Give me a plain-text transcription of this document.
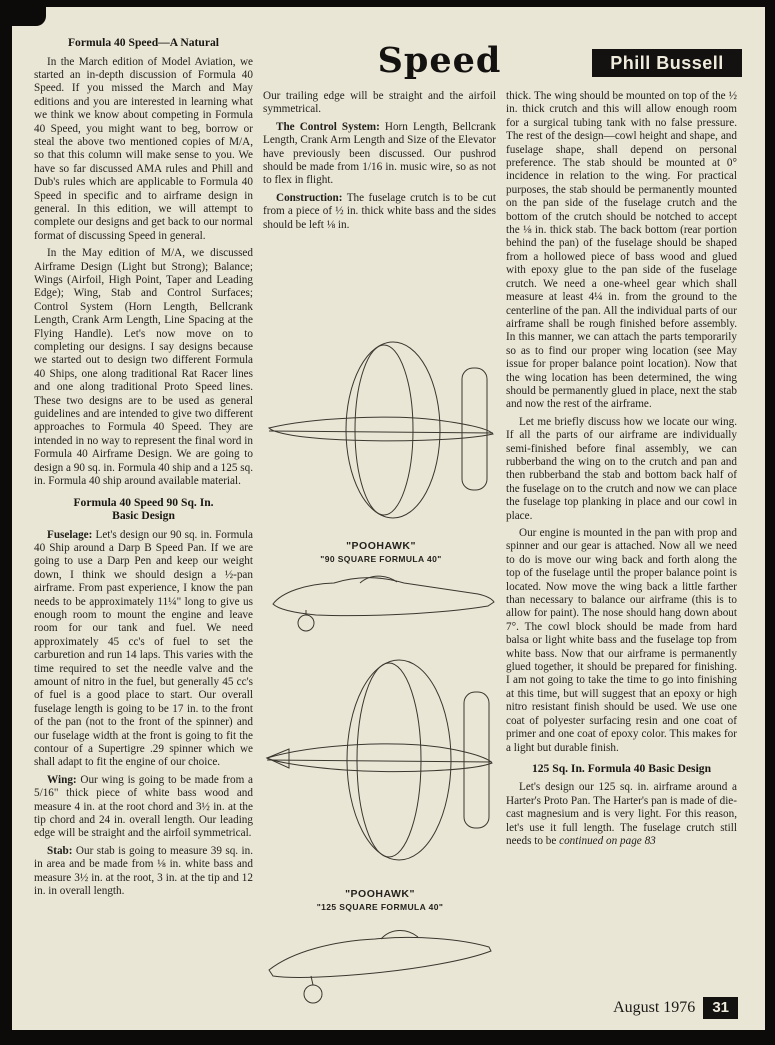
Speed	Phill Bussell
Formula 40 Speed—A Natural

In the March edition of Model Aviation, we started an in-depth discussion of Formula 40 Speed. If you missed the March and May editions and you are interested in learning what we think we know about competing in Formula 40 Speed, you might want to beg, borrow or steal the above two mentioned copies of M/A, so that this column will make sense to you. We have so far discussed AMA rules and Phill and Dub's rules which are applicable to Formula 40 Speed in specific and to airframe design in general. In this edition, we will attempt to complete our designs and get back to our normal format of discussing Speed in general.

In the May edition of M/A, we discussed Airframe Design (Light but Strong); Balance; Wings (Airfoil, High Point, Taper and Leading Edge); Wing, Stab and Control Surfaces; Control System (Horn Length, Bellcrank Length, Crank Arm Length, Line Spacing at the Flying Handle). Let's now move on to completing our designs. I say designs because we started out to design two different Formula 40 Ships, one along traditional Rat Racer lines and one along traditional Proto Speed lines. These two designs are to be used as general guidelines and are intended to give two different approaches to Formula 40 Speed. They are intended in no way to represent the final word in Formula 40 Airframe Design. We are going to design a 90 sq. in. Formula 40 ship and a 125 sq. in. Formula 40 ship around available material.

Formula 40 Speed 90 Sq. In.
Basic Design

Fuselage: Let's design our 90 sq. in. Formula 40 Ship around a Darp B Speed Pan. If we are going to use a Darp Pen and keep our weight down, I think we should design a ½-pan airframe. From past experience, I know the pan needs to be approximately 11¼" long to give us enough room to mount the engine and leave room for our tank and fuel. We need approximately 45 cc's of fuel to set the carburetion and run 14 laps. This varies with the time required to set the needle valve and the amount of nitro in the fuel, but generally 45 cc's of fuel is a good place to start. Our overall fuselage length is going to be 17 in. to the front of the pan (not to the front of the spinner) and our fuselage width at the front is going to fit the contour of a Supertigre .29 spinner which we shall adapt to fit the engine of our choice.

Wing: Our wing is going to be made from a 5/16" thick piece of white bass wood and measure 4 in. at the root chord and 3½ in. at the tip chord and 24 in. overall length. Our leading edge will be straight and the airfoil symmetrical.

Stab: Our stab is going to measure 39 sq. in. in area and be made from ⅛ in. white bass and measure 3½ in. at the root, 3 in. at the tip and 12 in. in overall length.

Our trailing edge will be straight and the airfoil symmetrical.

The Control System: Horn Length, Bellcrank Length, Crank Arm Length and Size of the Elevator have previously been discussed. Our pushrod should be made from 1/16 in. music wire, so as not to flex in flight.

Construction: The fuselage crutch is to be cut from a piece of ½ in. thick white bass and the sides should be left ⅛ in.

"POOHAWK"
"90 SQUARE FORMULA 40"
"POOHAWK"
"125 SQUARE FORMULA 40"

thick. The wing should be mounted on top of the ½ in. thick crutch and this will allow enough room for a surgical tubing tank with no false pressure. The rest of the design—cowl height and shape, and fuselage shape, shall depend on personal preference. The stab should be mounted at 0° incidence in relation to the wing. For practical purposes, the stab should be permanently mounted on the pan side of the fuselage crutch and the bottom of the crutch should be notched to accept the ⅛ in. thick stab. The back bottom (rear portion behind the pan) of the fuselage should be shaped from a hollowed piece of bass wood and glued with epoxy glue to the pan side of the fuselage crutch. We need a one-wheel gear which shall measure at least 4¼ in. from the ground to the centerline of the pan. All the individual parts of our airframe shall be rough finished before assembly. In this manner, we can attach the parts temporarily so as to find our proper wing location (see May issue for proper balance point location). Now that the wing location has been determined, the wing should be permanently glued in place, next the stab and now the rest of the airframe.

Let me briefly discuss how we locate our wing. If all the parts of our airframe are individually semi-finished before final assembly, we can rubberband the wing on to the crutch and pan and then rubberband the stab and bottom back half of the fuselage on to the crutch and now we can place the fuselage top planking in place and our cowl in place.

Our engine is mounted in the pan with prop and spinner and our gear is attached. Now all we need to do is move our wing back and forth along the top of the fuselage until the proper balance point is located. Now move the wing back a little farther than necessary to balance our airframe (this is to allow for paint). The nose should hang down about 7°. The cowl block should be made from hard balsa or light white bass and the fuselage top from white bass. Now that our airframe is permanently glued together, it should be prepared for finishing. I am not going to take the time to go into finishing at this time, but will suggest that an epoxy or high nitro resistant finish should be used. We use one coat of polyester surfacing resin and one coat of primer and one coat of epoxy color. This makes for a light but durable finish.

125 Sq. In. Formula 40 Basic Design

Let's design our 125 sq. in. airframe around a Harter's Proto Pan. The Harter's pan is made of die-cast magnesium and is very light. For this reason, let's use it full length. The fuselage crutch still needs to be continued on page 83

August 1976	31
